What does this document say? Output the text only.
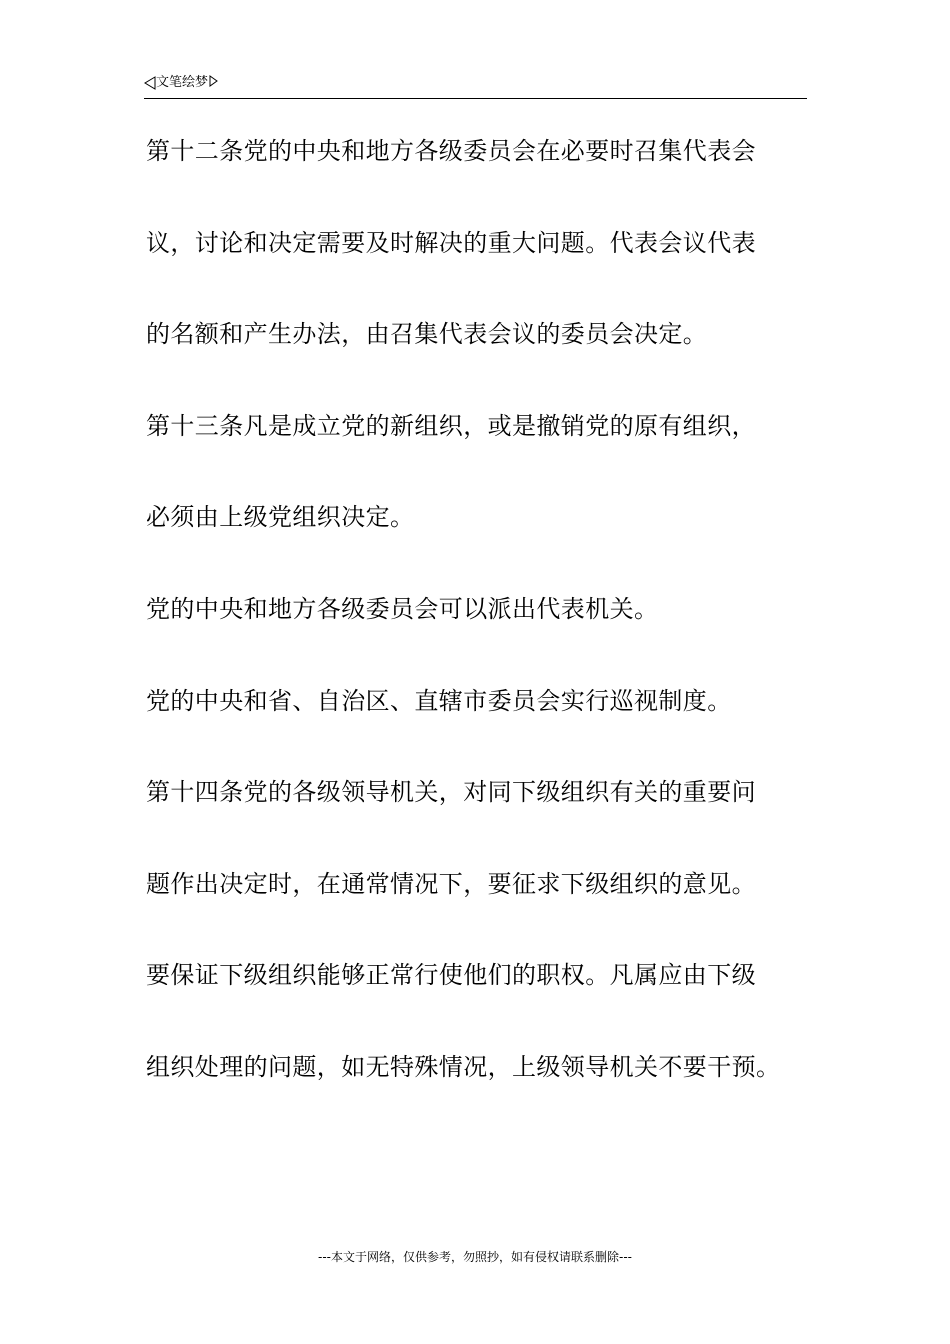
文笔绘梦
第十二条党的中央和地方各级委员会在必要时召集代表会
议，讨论和决定需要及时解决的重大问题。代表会议代表
的名额和产生办法，由召集代表会议的委员会决定。
第十三条凡是成立党的新组织，或是撤销党的原有组织，
必须由上级党组织决定。
党的中央和地方各级委员会可以派出代表机关。
党的中央和省、自治区、直辖市委员会实行巡视制度。
第十四条党的各级领导机关，对同下级组织有关的重要问
题作出决定时，在通常情况下，要征求下级组织的意见。
要保证下级组织能够正常行使他们的职权。凡属应由下级
组织处理的问题，如无特殊情况，上级领导机关不要干预。
---本文于网络，仅供参考，勿照抄，如有侵权请联系删除---
